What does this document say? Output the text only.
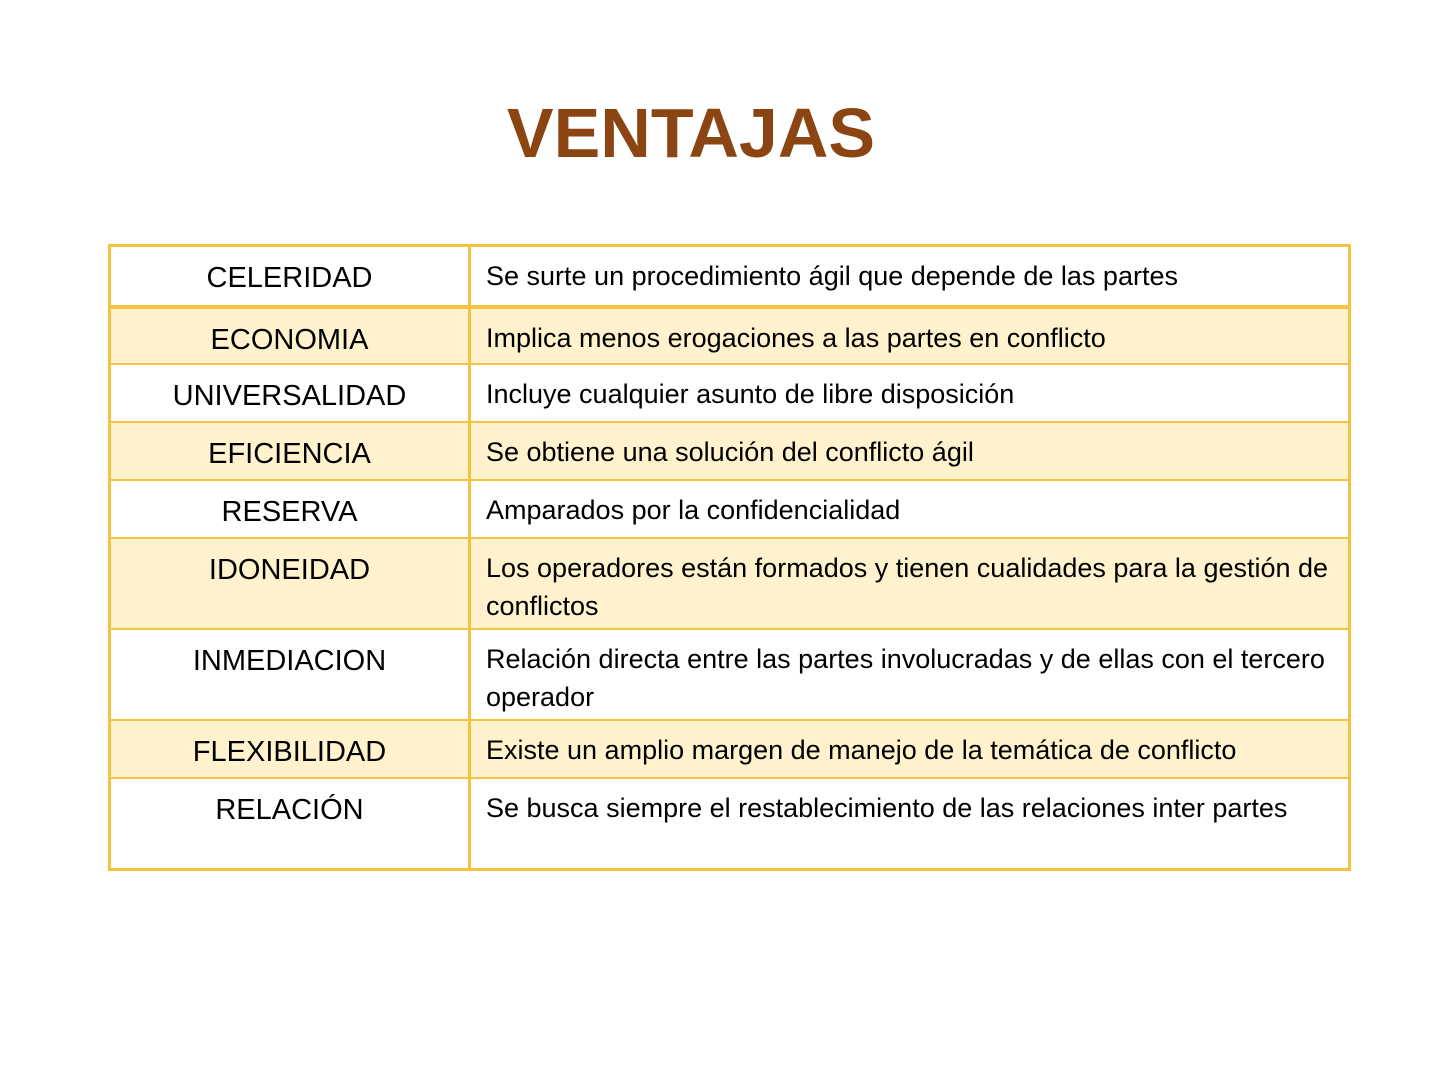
VENTAJAS
CELERIDAD	Se surte un procedimiento ágil que depende de las partes
ECONOMIA	Implica menos erogaciones a las partes en conflicto
UNIVERSALIDAD	Incluye cualquier asunto de libre disposición
EFICIENCIA	Se obtiene una solución del conflicto ágil
RESERVA	Amparados por la confidencialidad
IDONEIDAD	Los operadores están formados y tienen cualidades para la gestión de conflictos
INMEDIACION	Relación directa entre las partes involucradas y de ellas con el tercero operador
FLEXIBILIDAD	Existe un amplio margen de manejo de la temática de conflicto
RELACIÓN	Se busca siempre el restablecimiento de las relaciones inter partes
